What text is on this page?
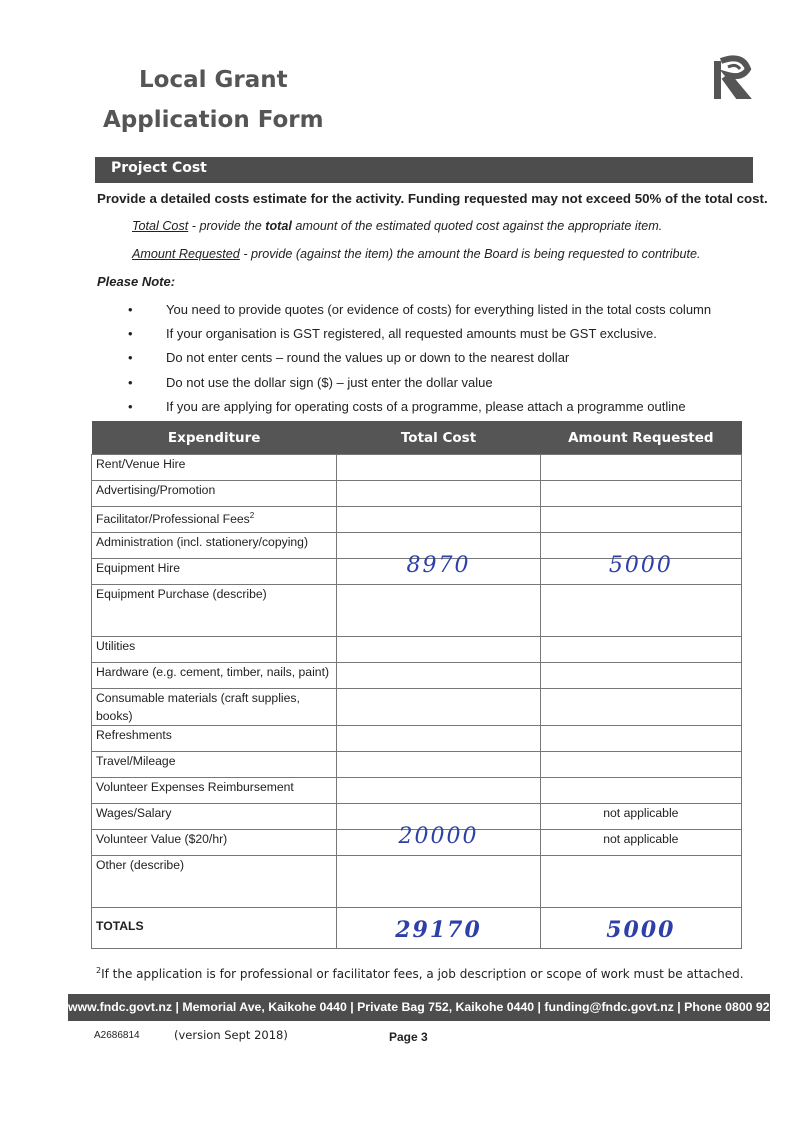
Local Grant
Application Form
Project Cost
Provide a detailed costs estimate for the activity. Funding requested may not exceed 50% of the total cost.
Total Cost - provide the total amount of the estimated quoted cost against the appropriate item.
Amount Requested - provide (against the item) the amount the Board is being requested to contribute.
Please Note:
• You need to provide quotes (or evidence of costs) for everything listed in the total costs column
• If your organisation is GST registered, all requested amounts must be GST exclusive.
• Do not enter cents – round the values up or down to the nearest dollar
• Do not use the dollar sign ($) – just enter the dollar value
• If you are applying for operating costs of a programme, please attach a programme outline
Expenditure	Total Cost	Amount Requested
Rent/Venue Hire		
Advertising/Promotion		
Facilitator/Professional Fees$^2$		
Administration (incl. stationery/copying)		
Equipment Hire	8970	5000

Equipment Purchase (describe)		
Utilities		
Hardware (e.g. cement, timber, nails, paint)		
Consumable materials (craft supplies, books)		
Refreshments		
Travel/Mileage		
Volunteer Expenses Reimbursement		
Wages/Salary		not applicable
Volunteer Value ($20/hr)	20000	not applicable
Other (describe)		
TOTALS	29170	5000
$^2$If the application is for professional or facilitator fees, a job description or scope of work must be attached.
www.fndc.govt.nz | Memorial Ave, Kaikohe 0440 | Private Bag 752, Kaikohe 0440 | funding@fndc.govt.nz | Phone 0800 920 029
A2686814	(version Sept 2018)	Page 3
